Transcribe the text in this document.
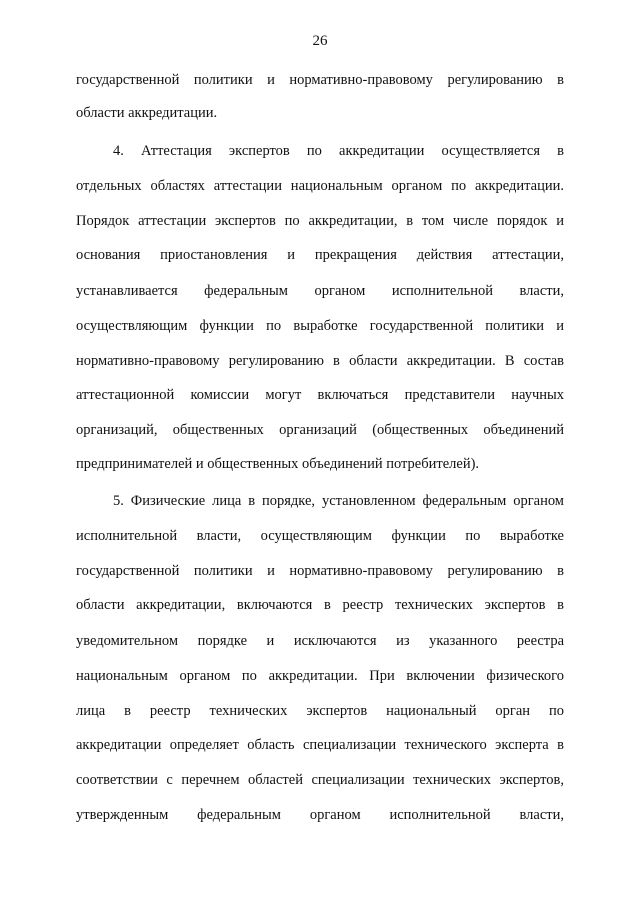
26
государственной политики и нормативно-правовому регулированию в
области аккредитации.
4. Аттестация экспертов по аккредитации осуществляется в
отдельных областях аттестации национальным органом по аккредитации.
Порядок аттестации экспертов по аккредитации, в том числе порядок и
основания приостановления и прекращения действия аттестации,
устанавливается федеральным органом исполнительной власти,
осуществляющим функции по выработке государственной политики и
нормативно-правовому регулированию в области аккредитации. В состав
аттестационной комиссии могут включаться представители научных
организаций, общественных организаций (общественных объединений
предпринимателей и общественных объединений потребителей).
5. Физические лица в порядке, установленном федеральным органом
исполнительной власти, осуществляющим функции по выработке
государственной политики и нормативно-правовому регулированию в
области аккредитации, включаются в реестр технических экспертов в
уведомительном порядке и исключаются из указанного реестра
национальным органом по аккредитации. При включении физического
лица в реестр технических экспертов национальный орган по
аккредитации определяет область специализации технического эксперта в
соответствии с перечнем областей специализации технических экспертов,
утвержденным федеральным органом исполнительной власти,
